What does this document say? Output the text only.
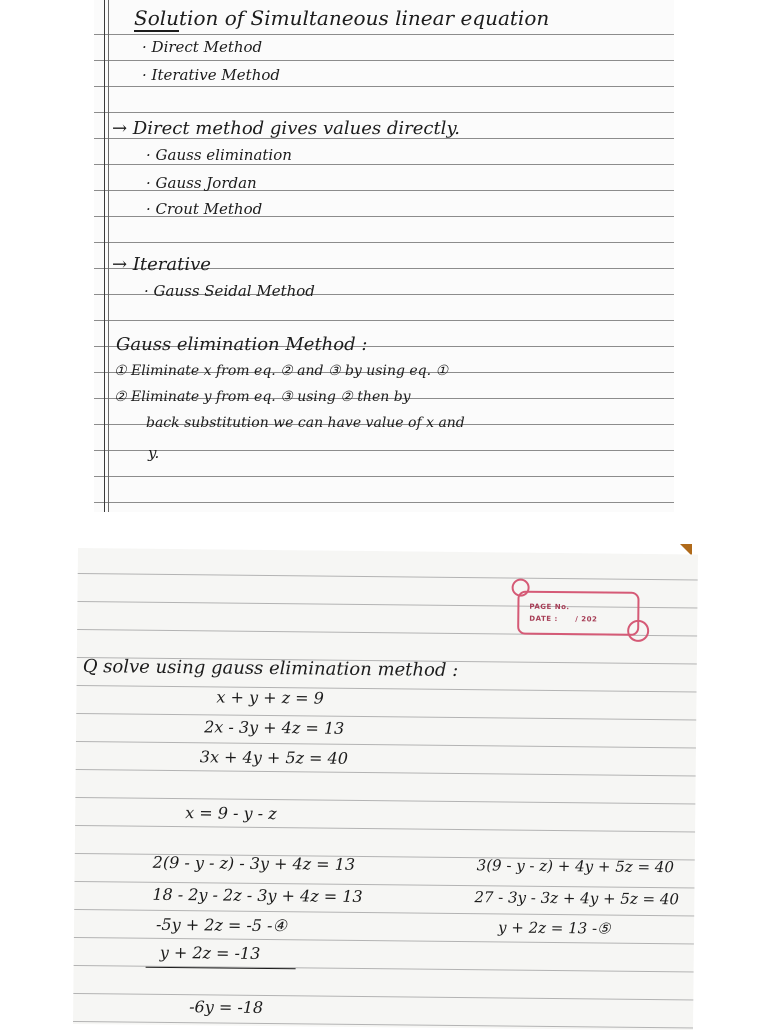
Solution of Simultaneous linear equation
· Direct Method
· Iterative Method
→ Direct method gives values directly.
· Gauss elimination
· Gauss Jordan
· Crout Method
→ Iterative
· Gauss Seidal Method
Gauss elimination Method :
① Eliminate x from eq. ② and ③ by using eq. ①
② Eliminate y from eq. ③ using ② then by
back substitution we can have value of x and
y.
PAGE No.
DATE : / 202
Q solve using gauss elimination method :
x + y + z = 9
2x - 3y + 4z = 13
3x + 4y + 5z = 40
x = 9 - y - z
2(9 - y - z) - 3y + 4z = 13
18 - 2y - 2z - 3y + 4z = 13
-5y + 2z = -5 -④
y + 2z = -13
-6y = -18
3(9 - y - z) + 4y + 5z = 40
27 - 3y - 3z + 4y + 5z = 40
y + 2z = 13 -⑤
